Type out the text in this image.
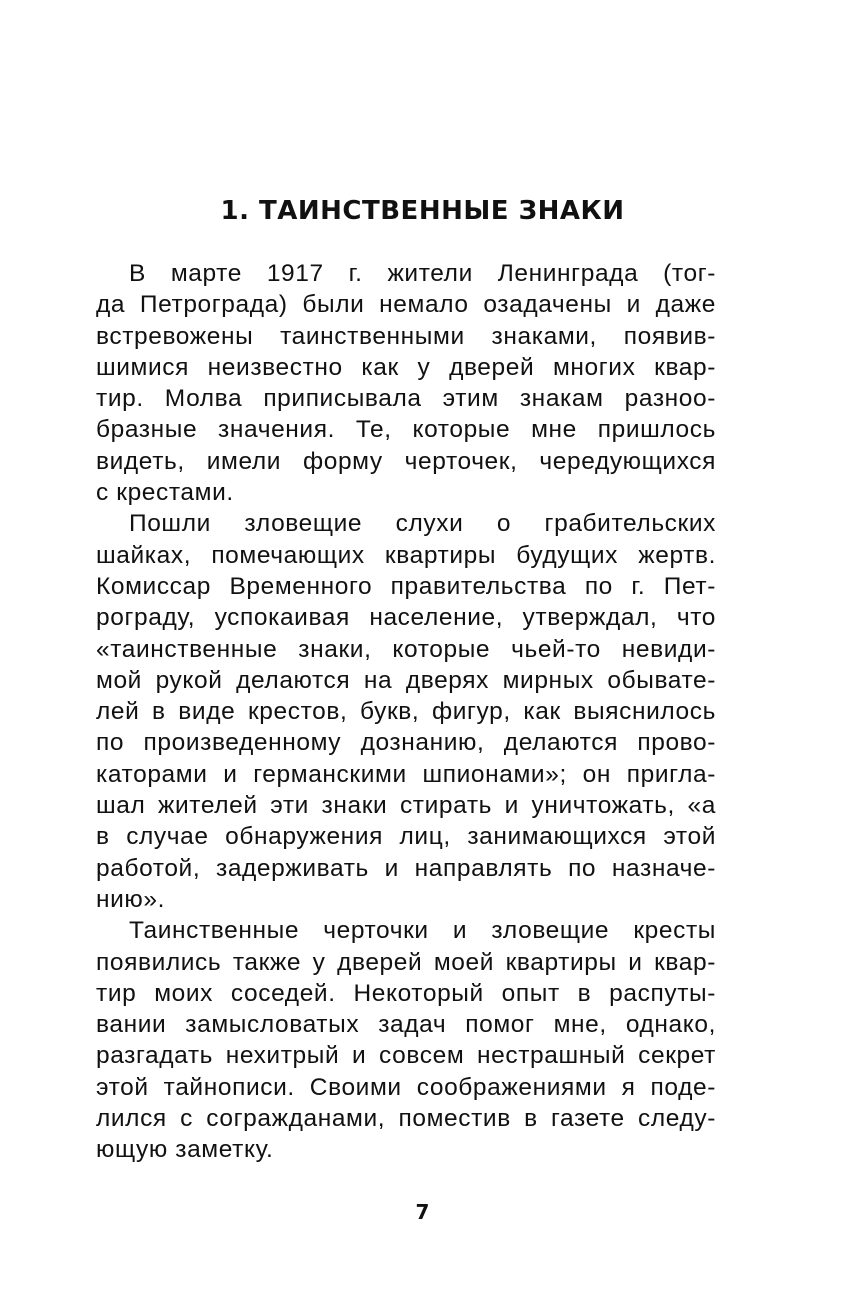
1. ТАИНСТВЕННЫЕ ЗНАКИ

В марте 1917 г. жители Ленинграда (тог-
да Петрограда) были немало озадачены и даже
встревожены таинственными знаками, появив-
шимися неизвестно как у дверей многих квар-
тир. Молва приписывала этим знакам разноо-
бразные значения. Те, которые мне пришлось
видеть, имели форму черточек, чередующихся
с крестами.

Пошли зловещие слухи о грабительских
шайках, помечающих квартиры будущих жертв.
Комиссар Временного правительства по г. Пет-
рограду, успокаивая население, утверждал, что
«таинственные знаки, которые чьей-то невиди-
мой рукой делаются на дверях мирных обывате-
лей в виде крестов, букв, фигур, как выяснилось
по произведенному дознанию, делаются прово-
каторами и германскими шпионами»; он пригла-
шал жителей эти знаки стирать и уничтожать, «а
в случае обнаружения лиц, занимающихся этой
работой, задерживать и направлять по назначе-
нию».

Таинственные черточки и зловещие кресты
появились также у дверей моей квартиры и квар-
тир моих соседей. Некоторый опыт в распуты-
вании замысловатых задач помог мне, однако,
разгадать нехитрый и совсем нестрашный секрет
этой тайнописи. Своими соображениями я поде-
лился с согражданами, поместив в газете следу-
ющую заметку.

7
